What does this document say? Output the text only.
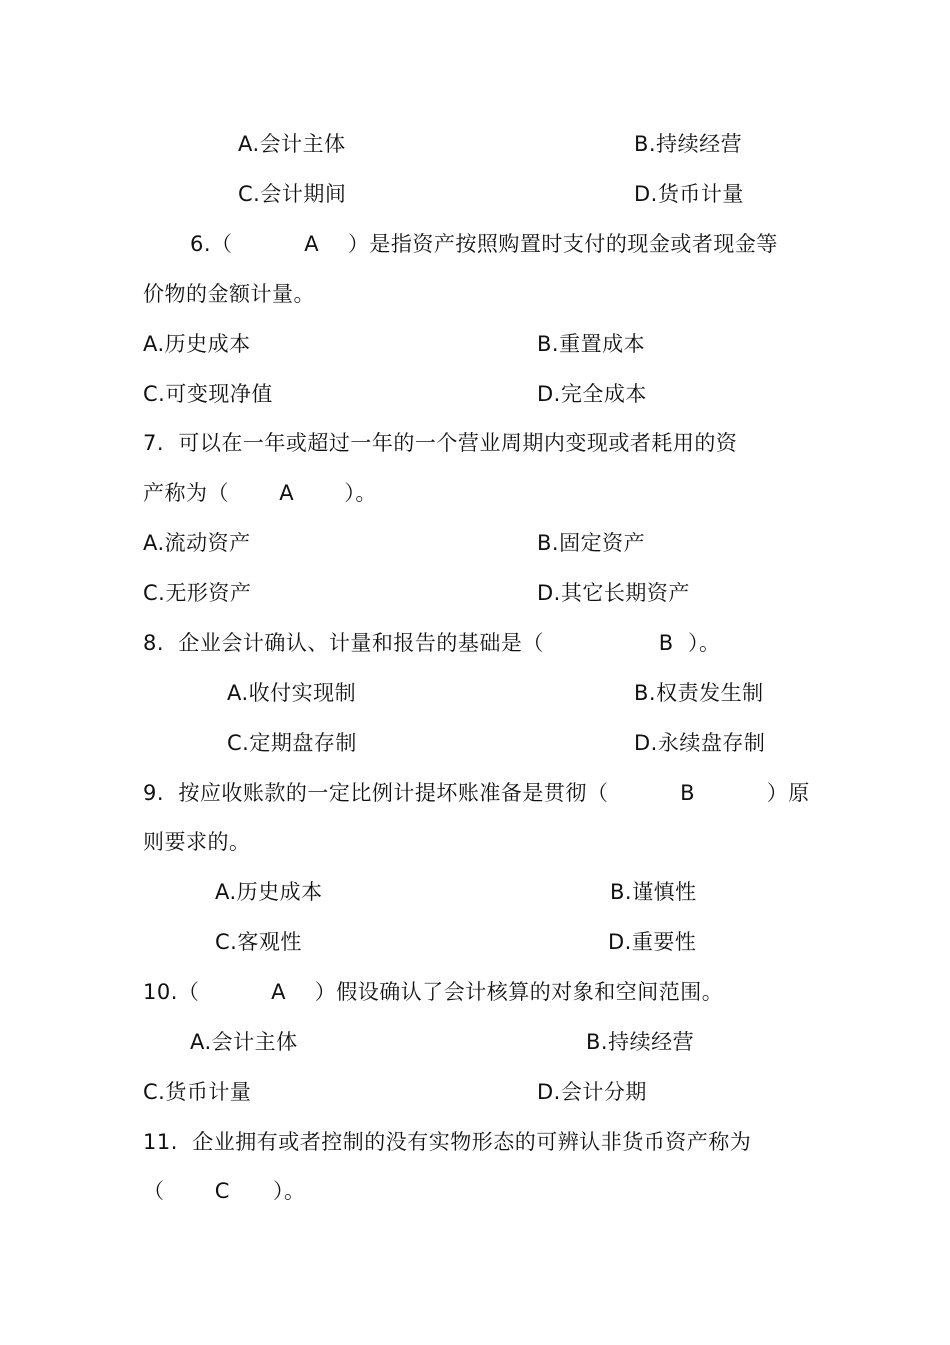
A.会计主体	B.持续经营
C.会计期间	D.货币计量
6.（          A    ）是指资产按照购置时支付的现金或者现金等
价物的金额计量。
A.历史成本	B.重置成本
C.可变现净值	D.完全成本
7.  可以在一年或超过一年的一个营业周期内变现或者耗用的资
产称为（       A       ）。
A.流动资产	B.固定资产
C.无形资产	D.其它长期资产
8.  企业会计确认、计量和报告的基础是（                B  ）。
A.收付实现制	B.权责发生制
C.定期盘存制	D.永续盘存制
9.  按应收账款的一定比例计提坏账准备是贯彻（          B          ）原
则要求的。
A.历史成本	B.谨慎性
C.客观性	D.重要性
10.（          A    ）假设确认了会计核算的对象和空间范围。
A.会计主体	B.持续经营
C.货币计量	D.会计分期
11.  企业拥有或者控制的没有实物形态的可辨认非货币资产称为
（       C      ）。
